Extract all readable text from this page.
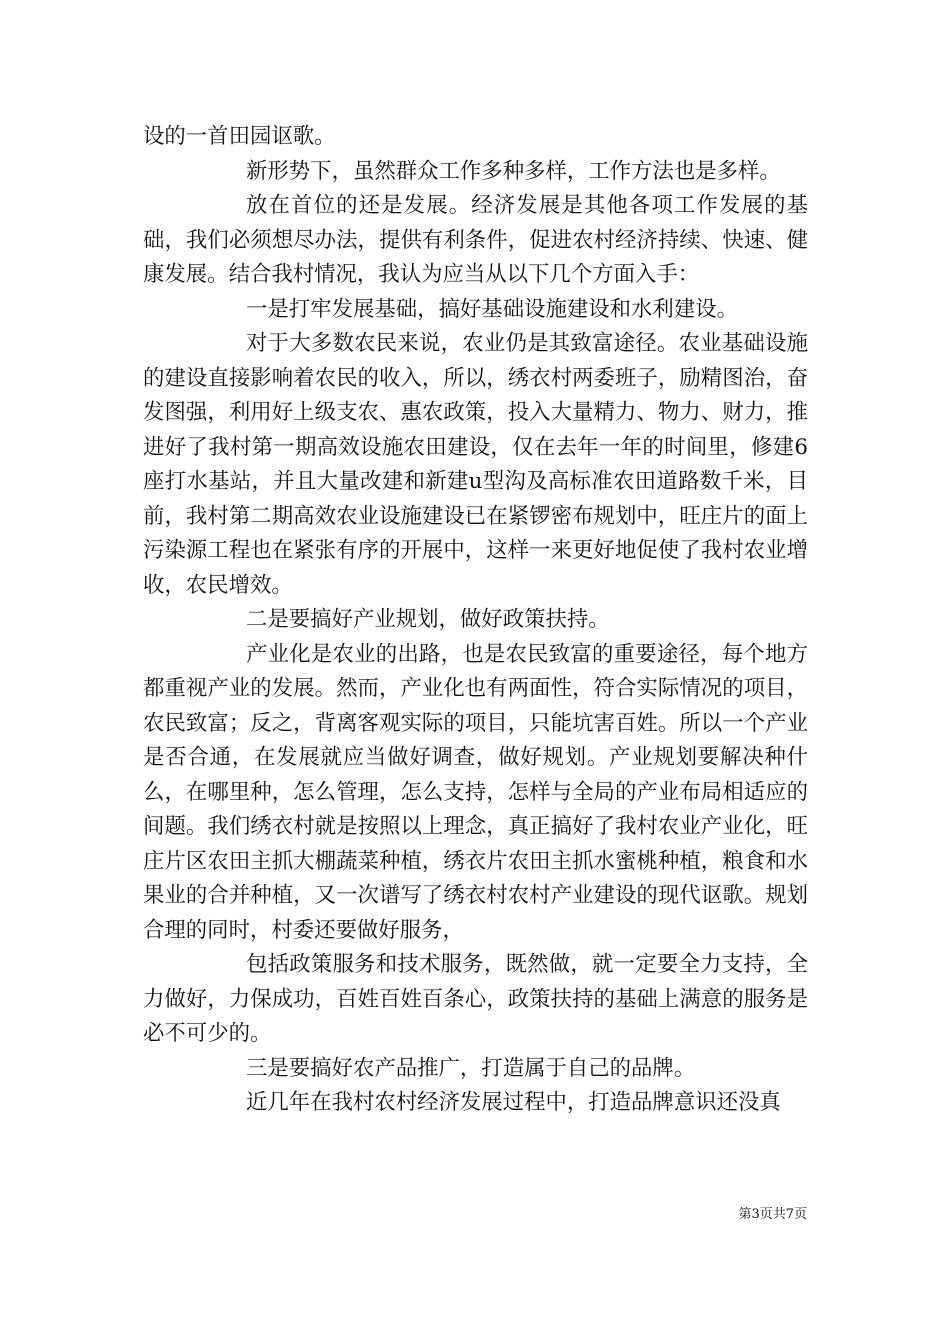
设的一首田园讴歌。

新形势下，虽然群众工作多种多样，工作方法也是多样。

放在首位的还是发展。经济发展是其他各项工作发展的基础，我们必须想尽办法，提供有利条件，促进农村经济持续、快速、健康发展。结合我村情况，我认为应当从以下几个方面入手：

一是打牢发展基础，搞好基础设施建设和水利建设。

对于大多数农民来说，农业仍是其致富途径。农业基础设施的建设直接影响着农民的收入，所以，绣衣村两委班子，励精图治，奋发图强，利用好上级支农、惠农政策，投入大量精力、物力、财力，推进好了我村第一期高效设施农田建设，仅在去年一年的时间里，修建6座打水基站，并且大量改建和新建u型沟及高标准农田道路数千米，目前，我村第二期高效农业设施建设已在紧锣密布规划中，旺庄片的面上污染源工程也在紧张有序的开展中，这样一来更好地促使了我村农业增收，农民增效。

二是要搞好产业规划，做好政策扶持。

产业化是农业的出路，也是农民致富的重要途径，每个地方都重视产业的发展。然而，产业化也有两面性，符合实际情况的项目，农民致富；反之，背离客观实际的项目，只能坑害百姓。所以一个产业是否合通，在发展就应当做好调查，做好规划。产业规划要解决种什么，在哪里种，怎么管理，怎么支持，怎样与全局的产业布局相适应的间题。我们绣衣村就是按照以上理念，真正搞好了我村农业产业化，旺庄片区农田主抓大棚蔬菜种植，绣衣片农田主抓水蜜桃种植，粮食和水果业的合并种植，又一次谱写了绣衣村农村产业建设的现代讴歌。规划合理的同时，村委还要做好服务，

包括政策服务和技术服务，既然做，就一定要全力支持，全力做好，力保成功，百姓百姓百条心，政策扶持的基础上满意的服务是必不可少的。

三是要搞好农产品推广，打造属于自己的品牌。

近几年在我村农村经济发展过程中，打造品牌意识还没真

第3页共7页
